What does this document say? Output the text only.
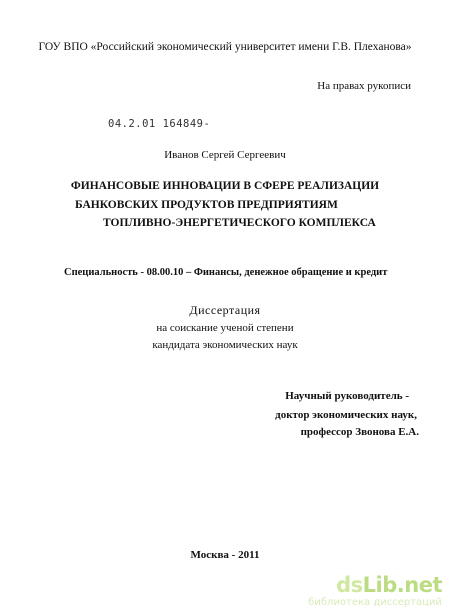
ГОУ ВПО «Российский экономический университет имени Г.В. Плеханова»
На правах рукописи
04.2.01 164849-
Иванов Сергей Сергеевич
ФИНАНСОВЫЕ ИННОВАЦИИ В СФЕРЕ РЕАЛИЗАЦИИ
БАНКОВСКИХ ПРОДУКТОВ ПРЕДПРИЯТИЯМ
ТОПЛИВНО-ЭНЕРГЕТИЧЕСКОГО КОМПЛЕКСА
Специальность - 08.00.10 – Финансы, денежное обращение и кредит
Диссертация
на соискание ученой степени
кандидата экономических наук
Научный руководитель -
доктор экономических наук,
профессор Звонова Е.А.
Москва - 2011
dsLib.net
библиотека диссертаций
